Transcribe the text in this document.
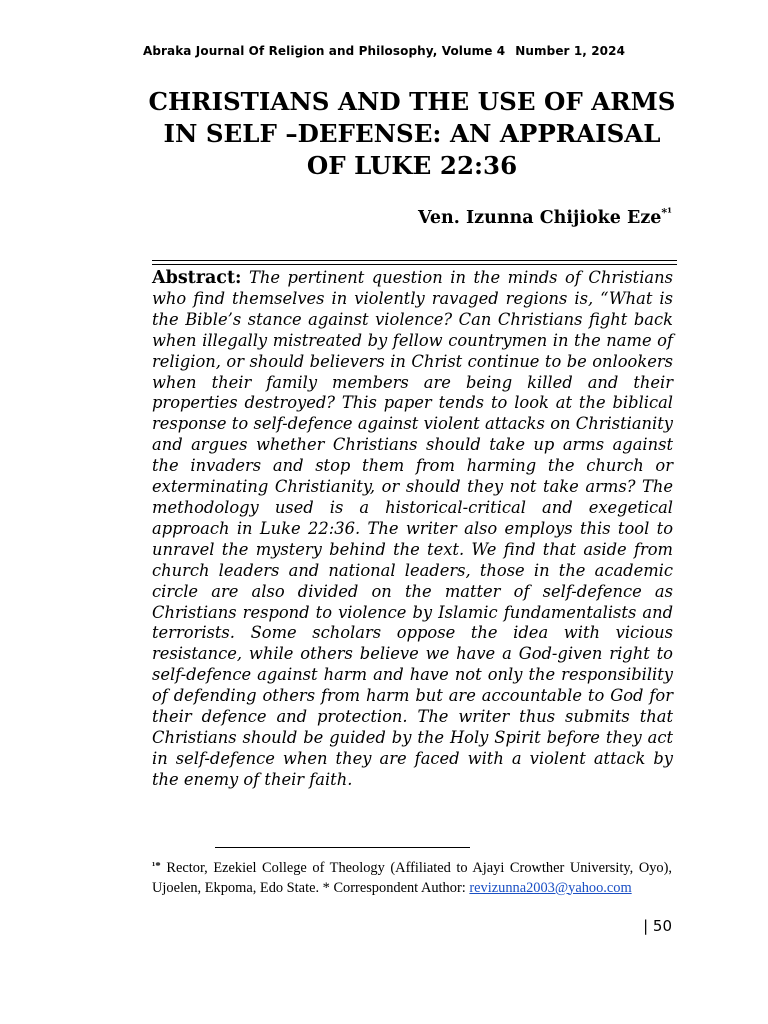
Abraka Journal Of Religion and Philosophy, Volume 4 Number 1, 2024
CHRISTIANS AND THE USE OF ARMS IN SELF –DEFENSE: AN APPRAISAL OF LUKE 22:36
Ven. Izunna Chijioke Eze$^{*^1}$

Abstract: The pertinent question in the minds of Christians who find themselves in violently ravaged regions is, “What is the Bible’s stance against violence? Can Christians fight back when illegally mistreated by fellow countrymen in the name of religion, or should believers in Christ continue to be onlookers when their family members are being killed and their properties destroyed? This paper tends to look at the biblical response to self-defence against violent attacks on Christianity and argues whether Christians should take up arms against the invaders and stop them from harming the church or exterminating Christianity, or should they not take arms? The methodology used is a historical-critical and exegetical approach in Luke 22:36. The writer also employs this tool to unravel the mystery behind the text. We find that aside from church leaders and national leaders, those in the academic circle are also divided on the matter of self-defence as Christians respond to violence by Islamic fundamentalists and terrorists. Some scholars oppose the idea with vicious resistance, while others believe we have a God-given right to self-defence against harm and have not only the responsibility of defending others from harm but are accountable to God for their defence and protection. The writer thus submits that Christians should be guided by the Holy Spirit before they act in self-defence when they are faced with a violent attack by the enemy of their faith.

$^{^1*}$ Rector, Ezekiel College of Theology (Affiliated to Ajayi Crowther University, Oyo), Ujoelen, Ekpoma, Edo State. * Correspondent Author: revizunna2003@yahoo.com

| 50
